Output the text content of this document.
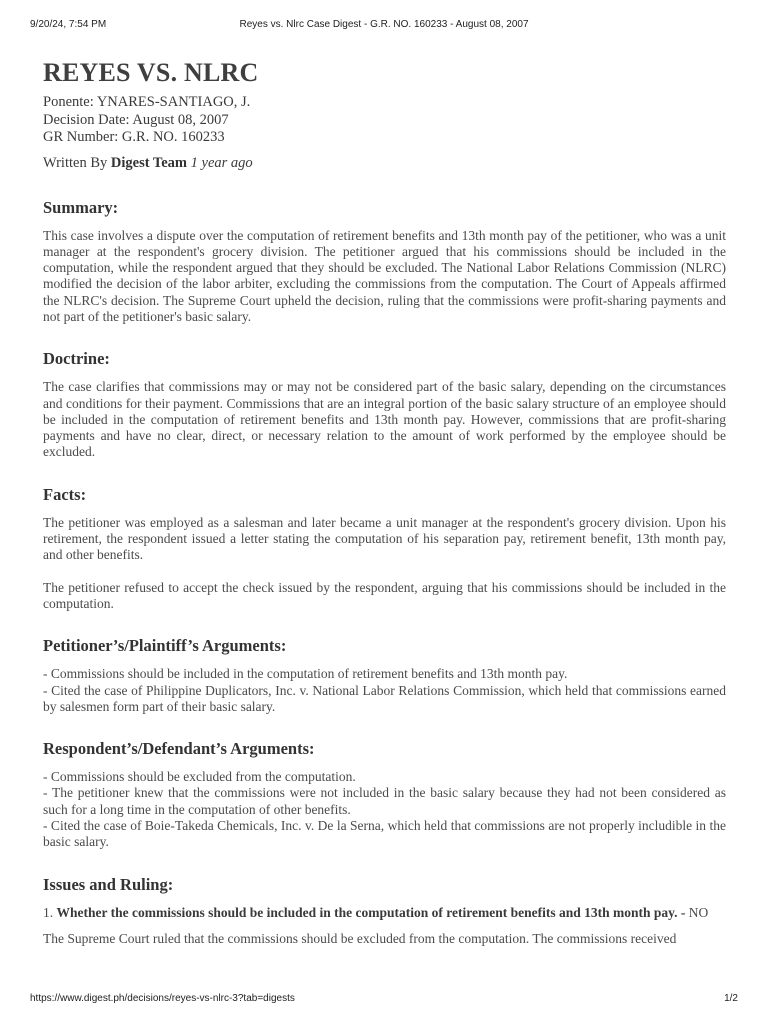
9/20/24, 7:54 PM	Reyes vs. Nlrc Case Digest - G.R. NO. 160233 - August 08, 2007
REYES VS. NLRC
Ponente: YNARES-SANTIAGO, J.
Decision Date: August 08, 2007
GR Number: G.R. NO. 160233
Written By Digest Team 1 year ago
Summary:

This case involves a dispute over the computation of retirement benefits and 13th month pay of the petitioner, who was a unit manager at the respondent's grocery division. The petitioner argued that his commissions should be included in the computation, while the respondent argued that they should be excluded. The National Labor Relations Commission (NLRC) modified the decision of the labor arbiter, excluding the commissions from the computation. The Court of Appeals affirmed the NLRC's decision. The Supreme Court upheld the decision, ruling that the commissions were profit-sharing payments and not part of the petitioner's basic salary.

Doctrine:

The case clarifies that commissions may or may not be considered part of the basic salary, depending on the circumstances and conditions for their payment. Commissions that are an integral portion of the basic salary structure of an employee should be included in the computation of retirement benefits and 13th month pay. However, commissions that are profit-sharing payments and have no clear, direct, or necessary relation to the amount of work performed by the employee should be excluded.

Facts:

The petitioner was employed as a salesman and later became a unit manager at the respondent's grocery division. Upon his retirement, the respondent issued a letter stating the computation of his separation pay, retirement benefit, 13th month pay, and other benefits.

The petitioner refused to accept the check issued by the respondent, arguing that his commissions should be included in the computation.

Petitioner’s/Plaintiff’s Arguments:
- Commissions should be included in the computation of retirement benefits and 13th month pay.
- Cited the case of Philippine Duplicators, Inc. v. National Labor Relations Commission, which held that commissions earned by salesmen form part of their basic salary.
Respondent’s/Defendant’s Arguments:
- Commissions should be excluded from the computation.
- The petitioner knew that the commissions were not included in the basic salary because they had not been considered as such for a long time in the computation of other benefits.
- Cited the case of Boie-Takeda Chemicals, Inc. v. De la Serna, which held that commissions are not properly includible in the basic salary.
Issues and Ruling:
1. Whether the commissions should be included in the computation of retirement benefits and 13th month pay. - NO

The Supreme Court ruled that the commissions should be excluded from the computation. The commissions received

https://www.digest.ph/decisions/reyes-vs-nlrc-3?tab=digests	1/2
